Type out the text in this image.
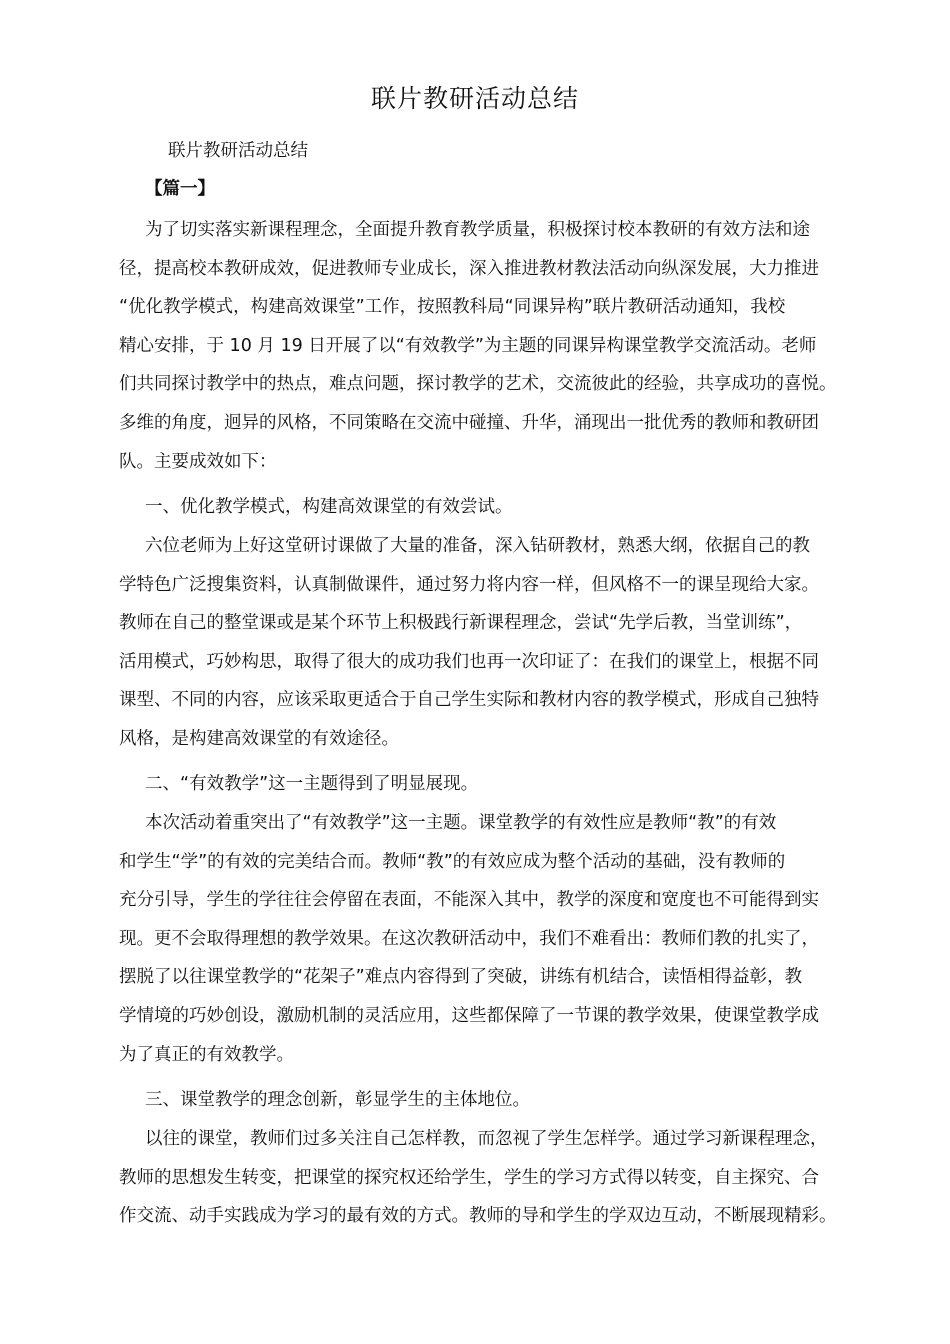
联片教研活动总结

联片教研活动总结

【篇一】

为了切实落实新课程理念，全面提升教育教学质量，积极探讨校本教研的有效方法和途
径，提高校本教研成效，促进教师专业成长，深入推进教材教法活动向纵深发展，大力推进
“优化教学模式，构建高效课堂”工作，按照教科局“同课异构”联片教研活动通知，我校
精心安排，于 10 月 19 日开展了以“有效教学”为主题的同课异构课堂教学交流活动。老师
们共同探讨教学中的热点，难点问题，探讨教学的艺术，交流彼此的经验，共享成功的喜悦。
多维的角度，迥异的风格，不同策略在交流中碰撞、升华，涌现出一批优秀的教师和教研团
队。主要成效如下：
一、优化教学模式，构建高效课堂的有效尝试。
六位老师为上好这堂研讨课做了大量的准备，深入钻研教材，熟悉大纲，依据自己的教
学特色广泛搜集资料，认真制做课件，通过努力将内容一样，但风格不一的课呈现给大家。
教师在自己的整堂课或是某个环节上积极践行新课程理念，尝试“先学后教，当堂训练”，
活用模式，巧妙构思，取得了很大的成功我们也再一次印证了：在我们的课堂上，根据不同
课型、不同的内容，应该采取更适合于自己学生实际和教材内容的教学模式，形成自己独特
风格，是构建高效课堂的有效途径。
二、“有效教学”这一主题得到了明显展现。
本次活动着重突出了“有效教学”这一主题。课堂教学的有效性应是教师“教”的有效
和学生“学”的有效的完美结合而。教师“教”的有效应成为整个活动的基础，没有教师的
充分引导，学生的学往往会停留在表面，不能深入其中，教学的深度和宽度也不可能得到实
现。更不会取得理想的教学效果。在这次教研活动中，我们不难看出：教师们教的扎实了，
摆脱了以往课堂教学的“花架子”难点内容得到了突破，讲练有机结合，读悟相得益彰，教
学情境的巧妙创设，激励机制的灵活应用，这些都保障了一节课的教学效果，使课堂教学成
为了真正的有效教学。
三、课堂教学的理念创新，彰显学生的主体地位。
以往的课堂，教师们过多关注自己怎样教，而忽视了学生怎样学。通过学习新课程理念，
教师的思想发生转变，把课堂的探究权还给学生，学生的学习方式得以转变，自主探究、合
作交流、动手实践成为学习的最有效的方式。教师的导和学生的学双边互动，不断展现精彩。
